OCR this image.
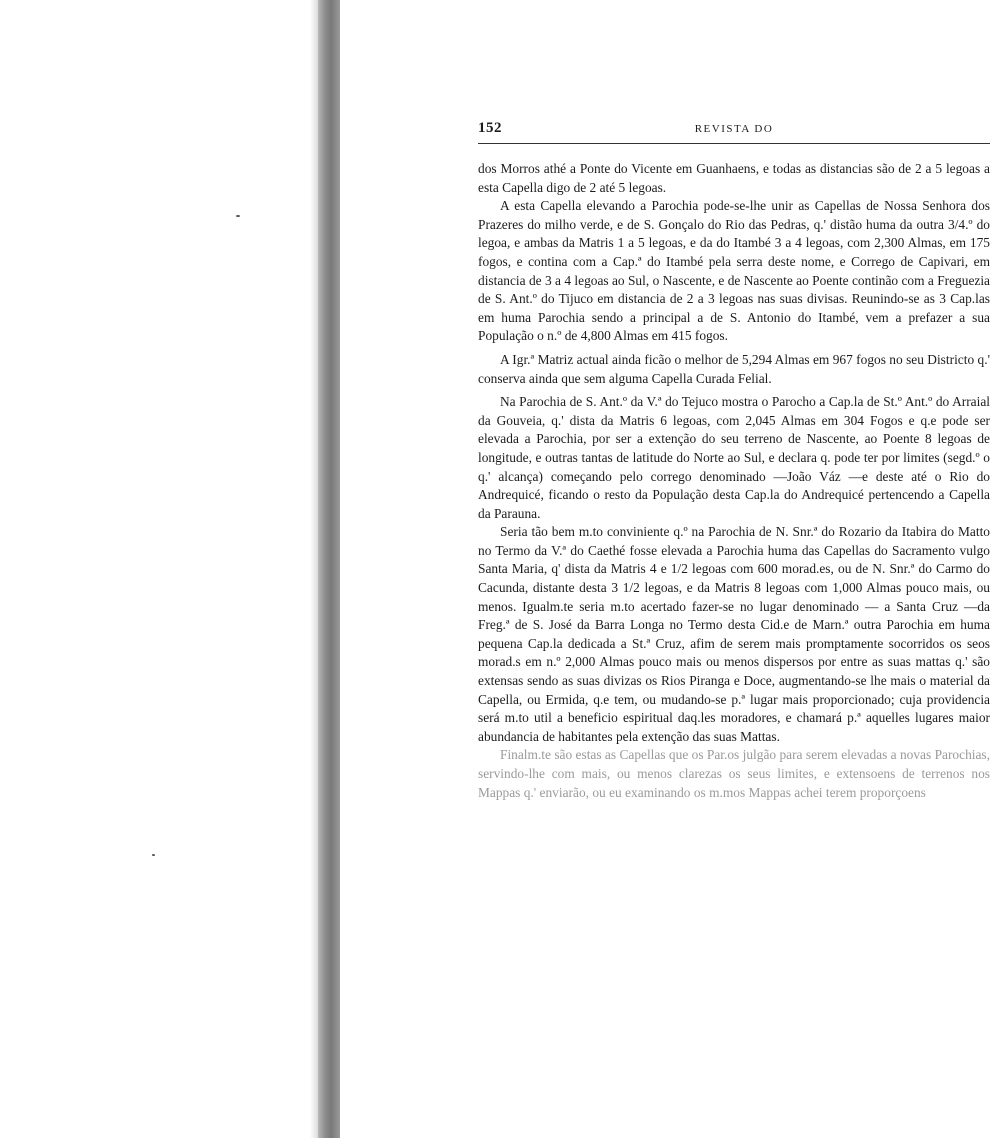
152	REVISTA DO

dos Morros athé a Ponte do Vicente em Guanhaens, e todas as distancias são de 2 a 5 legoas a esta Capella digo de 2 até 5 legoas.

A esta Capella elevando a Parochia pode-se-lhe unir as Capellas de Nossa Senhora dos Prazeres do milho verde, e de S. Gonçalo do Rio das Pedras, q.' distão huma da outra 3/4.º do legoa, e ambas da Matris 1 a 5 legoas, e da do Itambé 3 a 4 legoas, com 2,300 Almas, em 175 fogos, e contina com a Cap.ª do Itambé pela serra deste nome, e Corrego de Capivari, em distancia de 3 a 4 legoas ao Sul, o Nascente, e de Nascente ao Poente continão com a Freguezia de S. Ant.º do Tijuco em distancia de 2 a 3 legoas nas suas divisas. Reunindo-se as 3 Cap.las em huma Parochia sendo a principal a de S. Antonio do Itambé, vem a prefazer a sua População o n.º de 4,800 Almas em 415 fogos.

A Igr.ª Matriz actual ainda ficão o melhor de 5,294 Almas em 967 fogos no seu Districto q.' conserva ainda que sem alguma Capella Curada Felial.

Na Parochia de S. Ant.º da V.ª do Tejuco mostra o Parocho a Cap.la de St.º Ant.º do Arraial da Gouveia, q.' dista da Matris 6 legoas, com 2,045 Almas em 304 Fogos e q.e pode ser elevada a Parochia, por ser a extenção do seu terreno de Nascente, ao Poente 8 legoas de longitude, e outras tantas de latitude do Norte ao Sul, e declara q. pode ter por limites (segd.º o q.' alcança) começando pelo corrego denominado —João Váz —e deste até o Rio do Andrequicé, ficando o resto da População desta Cap.la do Andrequicé pertencendo a Capella da Parauna.

Seria tão bem m.to conviniente q.º na Parochia de N. Snr.ª do Rozario da Itabira do Matto no Termo da V.ª do Caethé fosse elevada a Parochia huma das Capellas do Sacramento vulgo Santa Maria, q' dista da Matris 4 e 1/2 legoas com 600 morad.es, ou de N. Snr.ª do Carmo do Cacunda, distante desta 3 1/2 legoas, e da Matris 8 legoas com 1,000 Almas pouco mais, ou menos. Igualm.te seria m.to acertado fazer-se no lugar denominado — a Santa Cruz —da Freg.ª de S. José da Barra Longa no Termo desta Cid.e de Marn.ª outra Parochia em huma pequena Cap.la dedicada a St.ª Cruz, afim de serem mais promptamente socorridos os seos morad.s em n.º 2,000 Almas pouco mais ou menos dispersos por entre as suas mattas q.' são extensas sendo as suas divizas os Rios Piranga e Doce, augmentando-se lhe mais o material da Capella, ou Ermida, q.e tem, ou mudando-se p.ª lugar mais proporcionado; cuja providencia será m.to util a beneficio espiritual daq.les moradores, e chamará p.ª aquelles lugares maior abundancia de habitantes pela extenção das suas Mattas.

Finalm.te são estas as Capellas que os Par.os julgão para serem elevadas a novas Parochias, servindo-lhe com mais, ou menos clarezas os seus limites, e extensoens de terrenos nos Mappas q.' enviarão, ou eu examinando os m.mos Mappas achei terem proporçoens
